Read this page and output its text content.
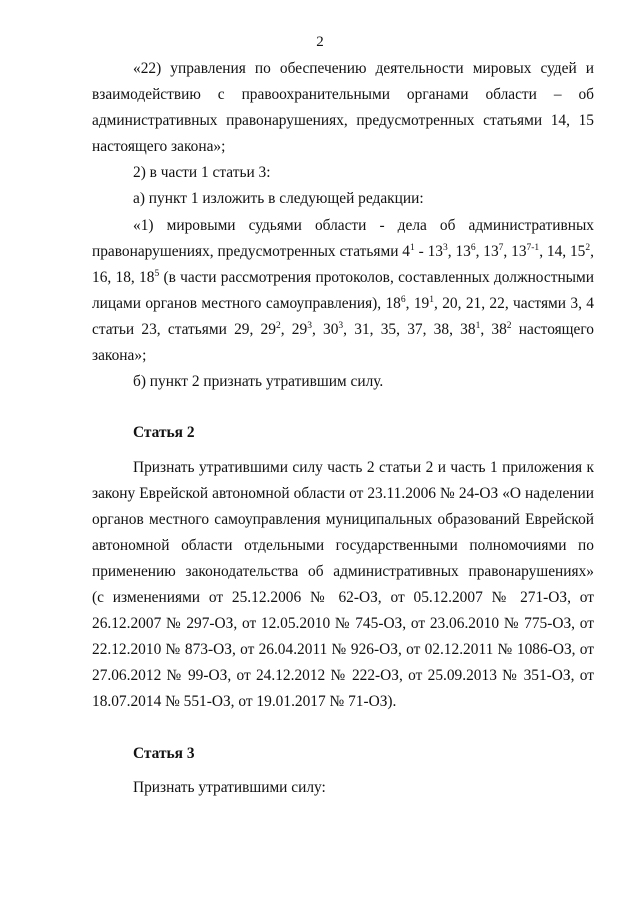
2
«22) управления по обеспечению деятельности мировых судей и
взаимодействию с правоохранительными органами области – об
административных правонарушениях, предусмотренных статьями 14, 15
настоящего закона»;
2) в части 1 статьи 3:
а) пункт 1 изложить в следующей редакции:
«1) мировыми судьями области - дела об административных
правонарушениях, предусмотренных статьями $4^1 - 13^3$, $13^6$, $13^7$, 13$^{7-1}$, 14, $15^2$,
16, 18, $18^5$ (в части рассмотрения протоколов, составленных должностными
лицами органов местного самоуправления), $18^6$, $19^1$, 20, 21, 22, частями 3, 4
статьи 23, статьями 29, $29^2$, $29^3$, $30^3$, 31, 35, 37, 38, $38^1$, $38^2$ настоящего
закона»;
б) пункт 2 признать утратившим силу.
Статья 2
Признать утратившими силу часть 2 статьи 2 и часть 1 приложения к
закону Еврейской автономной области от 23.11.2006 № 24-ОЗ «О наделении
органов местного самоуправления муниципальных образований Еврейской
автономной области отдельными государственными полномочиями по
применению законодательства об административных правонарушениях»
(с изменениями от 25.12.2006 № 62-ОЗ, от 05.12.2007 № 271-ОЗ, от
26.12.2007 № 297-ОЗ, от 12.05.2010 № 745-ОЗ, от 23.06.2010 № 775-ОЗ, от
22.12.2010 № 873-ОЗ, от 26.04.2011 № 926-ОЗ, от 02.12.2011 № 1086-ОЗ, от
27.06.2012 № 99-ОЗ, от 24.12.2012 № 222-ОЗ, от 25.09.2013 № 351-ОЗ, от
18.07.2014 № 551-ОЗ, от 19.01.2017 № 71-ОЗ).
Статья 3
Признать утратившими силу:
